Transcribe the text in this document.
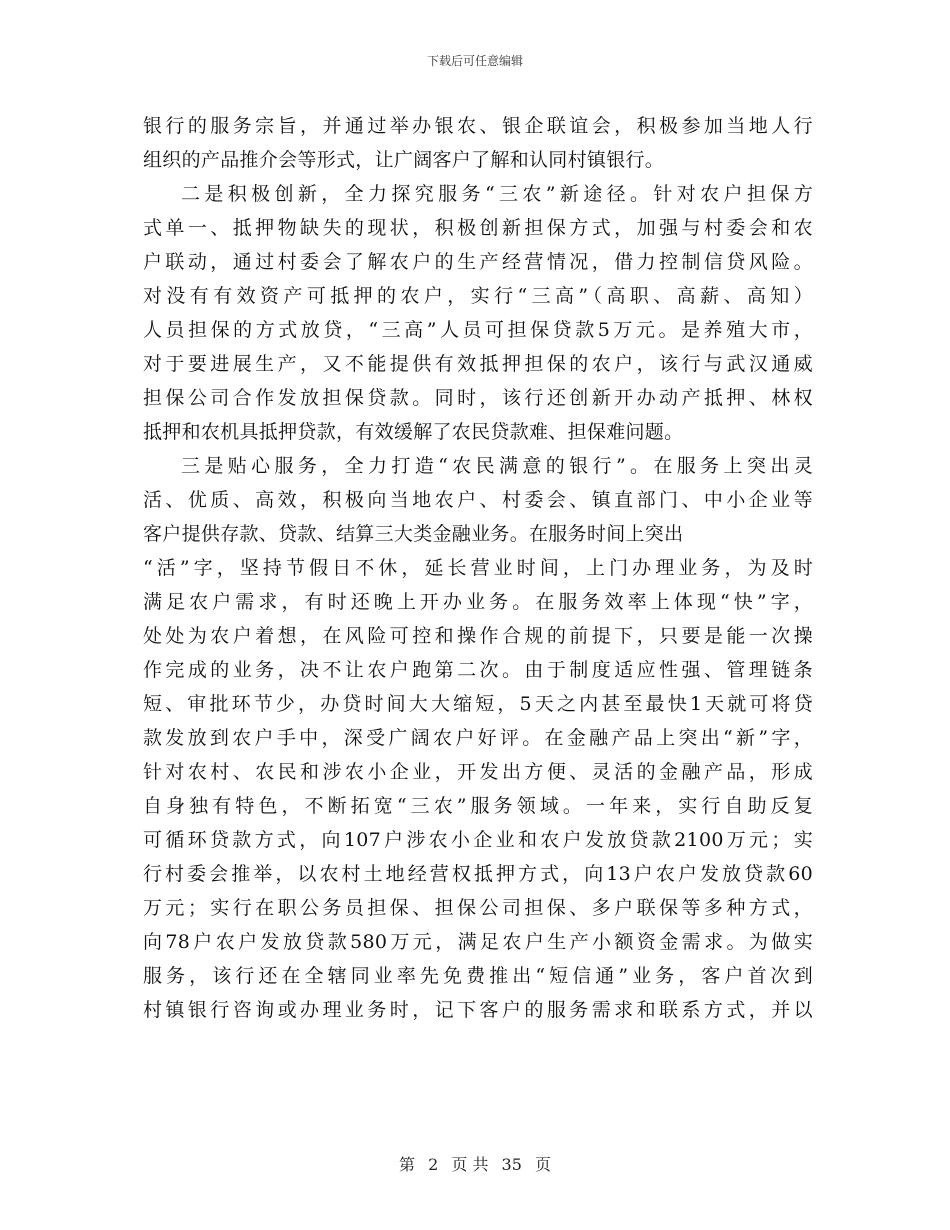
下载后可任意编辑
银行的服务宗旨，并通过举办银农、银企联谊会，积极参加当地人行
组织的产品推介会等形式，让广阔客户了解和认同村镇银行。
二是积极创新，全力探究服务“三农”新途径。针对农户担保方
式单一、抵押物缺失的现状，积极创新担保方式，加强与村委会和农
户联动，通过村委会了解农户的生产经营情况，借力控制信贷风险。
对没有有效资产可抵押的农户，实行“三高”（高职、高薪、高知）
人员担保的方式放贷，“三高”人员可担保贷款5万元。是养殖大市，
对于要进展生产，又不能提供有效抵押担保的农户，该行与武汉通威
担保公司合作发放担保贷款。同时，该行还创新开办动产抵押、林权
抵押和农机具抵押贷款，有效缓解了农民贷款难、担保难问题。
三是贴心服务，全力打造“农民满意的银行”。在服务上突出灵
活、优质、高效，积极向当地农户、村委会、镇直部门、中小企业等
客户提供存款、贷款、结算三大类金融业务。在服务时间上突出
“活”字，坚持节假日不休，延长营业时间，上门办理业务，为及时
满足农户需求，有时还晚上开办业务。在服务效率上体现“快”字，
处处为农户着想，在风险可控和操作合规的前提下，只要是能一次操
作完成的业务，决不让农户跑第二次。由于制度适应性强、管理链条
短、审批环节少，办贷时间大大缩短，5天之内甚至最快1天就可将贷
款发放到农户手中，深受广阔农户好评。在金融产品上突出“新”字，
针对农村、农民和涉农小企业，开发出方便、灵活的金融产品，形成
自身独有特色，不断拓宽“三农”服务领域。一年来，实行自助反复
可循环贷款方式，向107户涉农小企业和农户发放贷款2100万元；实
行村委会推举，以农村土地经营权抵押方式，向13户农户发放贷款60
万元；实行在职公务员担保、担保公司担保、多户联保等多种方式，
向78户农户发放贷款580万元，满足农户生产小额资金需求。为做实
服务，该行还在全辖同业率先免费推出“短信通”业务，客户首次到
村镇银行咨询或办理业务时，记下客户的服务需求和联系方式，并以
第 2 页 共 35 页
